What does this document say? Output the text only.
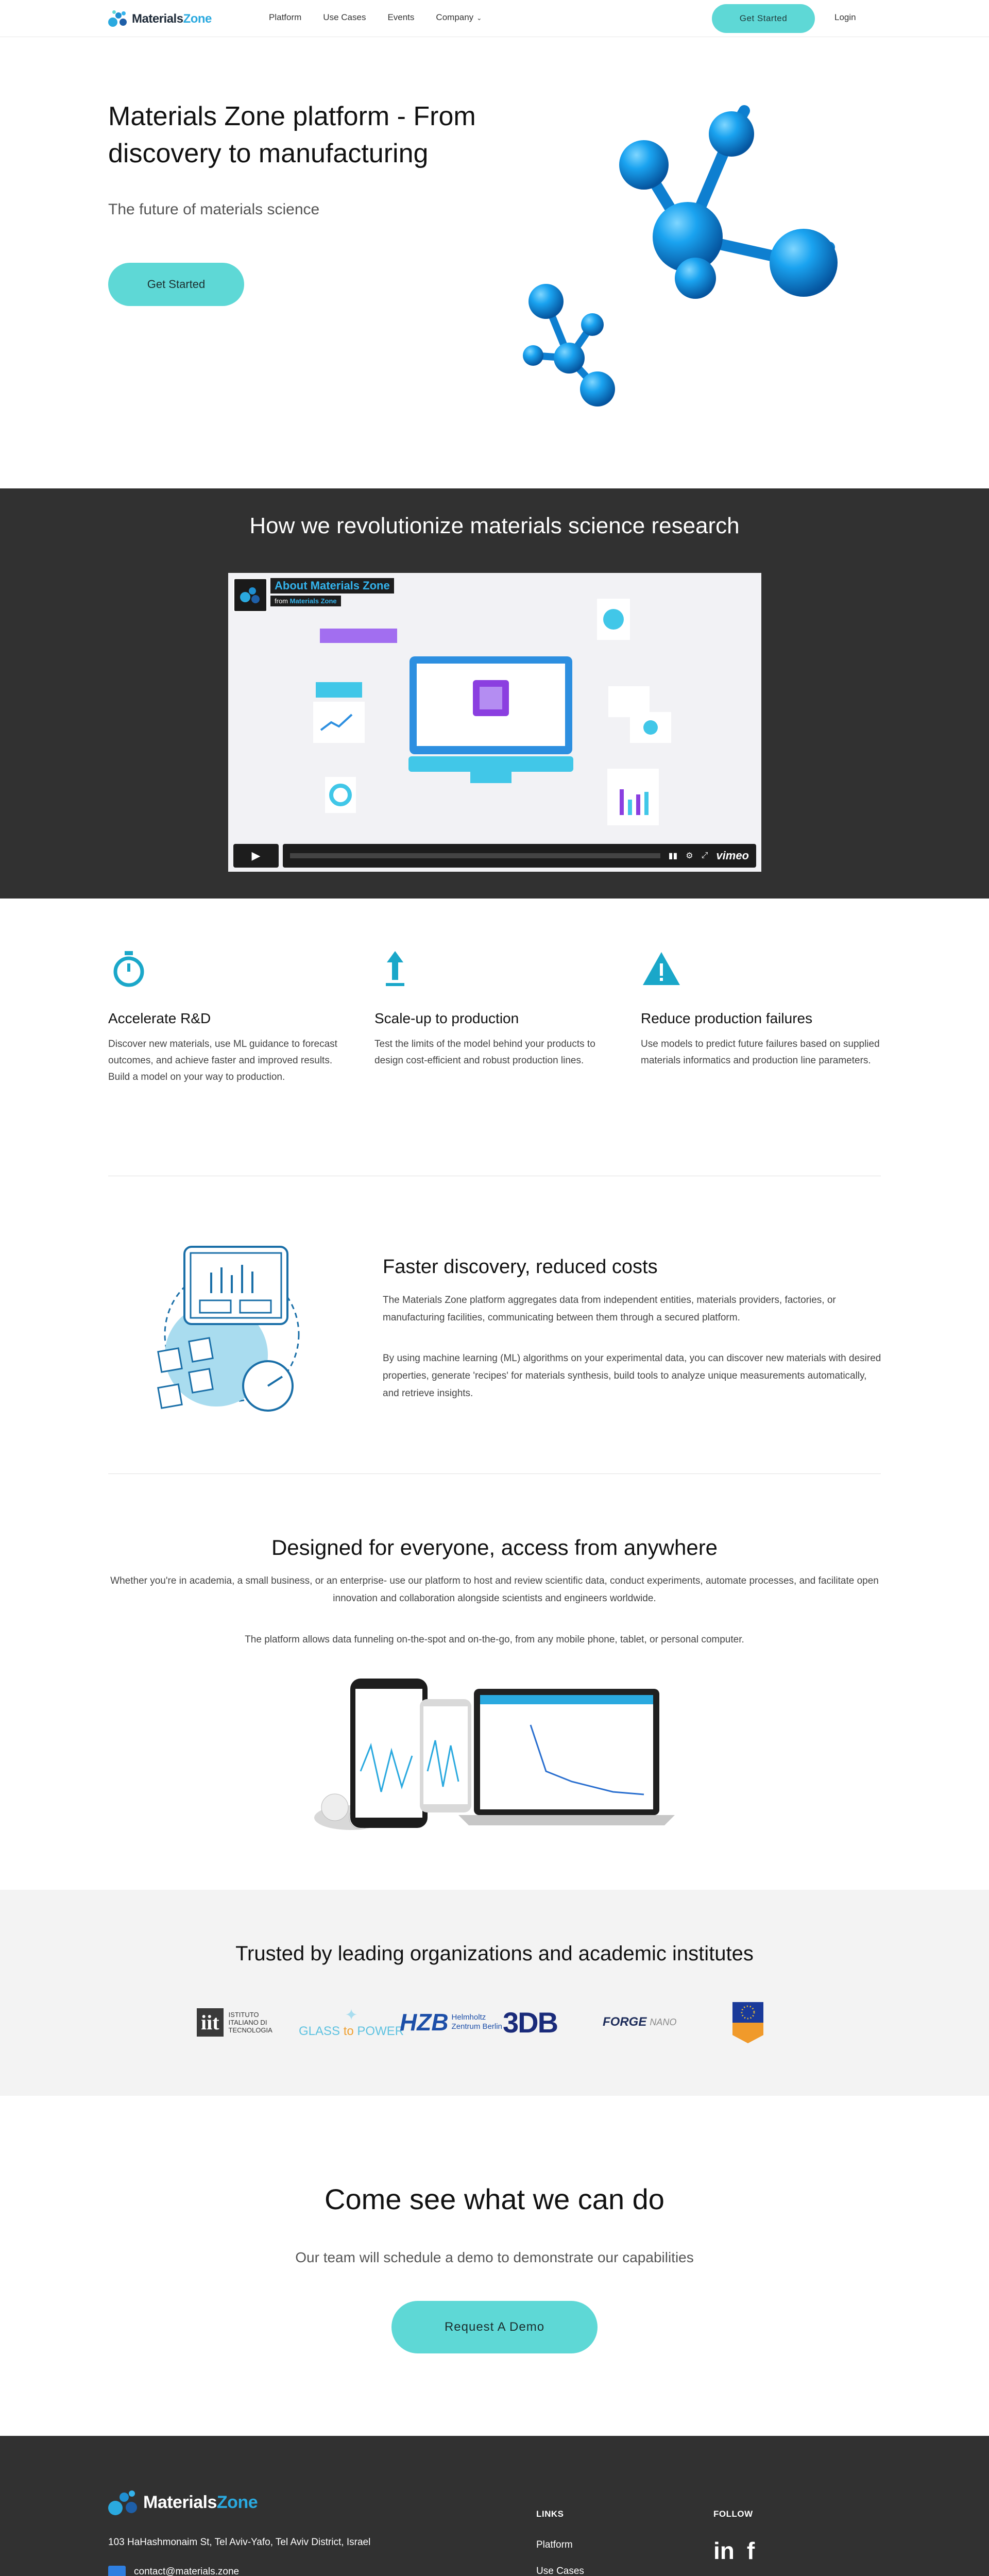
MaterialsZone	Platform Use Cases Events Company ⌄	Get Started	Login
Materials Zone platform - From discovery to manufacturing
The future of materials science
Get Started
How we revolutionize materials science research
About Materials Zone
from Materials Zone
▶	▮▮ ⚙ ⤢ vimeo
Accelerate R&D
Discover new materials, use ML guidance to forecast outcomes, and achieve faster and improved results. Build a model on your way to production.
Scale-up to production
Test the limits of the model behind your products to design cost-efficient and robust production lines.
Reduce production failures
Use models to predict future failures based on supplied materials informatics and production line parameters.
Faster discovery, reduced costs
The Materials Zone platform aggregates data from independent entities, materials providers, factories, or manufacturing facilities, communicating between them through a secured platform.
By using machine learning (ML) algorithms on your experimental data, you can discover new materials with desired properties, generate 'recipes' for materials synthesis, build tools to analyze unique measurements automatically, and retrieve insights.
Designed for everyone, access from anywhere
Whether you're in academia, a small business, or an enterprise- use our platform to host and review scientific data, conduct experiments, automate processes, and facilitate open innovation and collaboration alongside scientists and engineers worldwide.
The platform allows data funneling on-the-spot and on-the-go, from any mobile phone, tablet, or personal computer.
Trusted by leading organizations and academic institutes
iit	ISTITUTO
ITALIANO DI
TECNOLOGIA
✦
GLASS to POWER
HZB Helmholtz
Zentrum Berlin 3DB	FORGE NANO
Come see what we can do
Our team will schedule a demo to demonstrate our capabilities
Request A Demo
MaterialsZone
103 HaHashmonaim St, Tel Aviv-Yafo, Tel Aviv District, Israel
contact@materials.zone
LINKS
Platform
Use Cases
FOLLOW
in f
